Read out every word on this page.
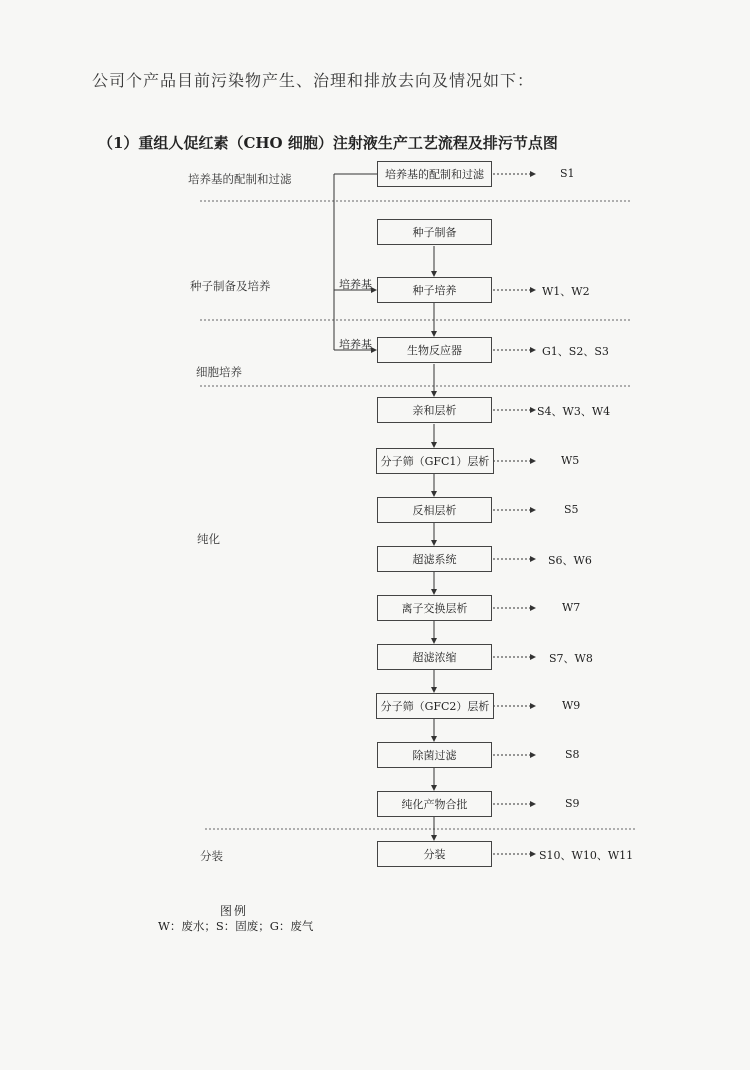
公司个产品目前污染物产生、治理和排放去向及情况如下：
（1）重组人促红素（CHO 细胞）注射液生产工艺流程及排污节点图
培养基的配制和过滤
种子制备及培养
细胞培养
纯化
分装
培养基
培养基
培养基的配制和过滤
种子制备
种子培养
生物反应器
亲和层析
分子筛（GFC1）层析
反相层析
超滤系统
离子交换层析
超滤浓缩
分子筛（GFC2）层析
除菌过滤
纯化产物合批
分装
S1
W1、W2
G1、S2、S3
S4、W3、W4
W5
S5
S6、W6
W7
S7、W8
W9
S8
S9
S10、W10、W11
图例
W：废水；S：固废；G：废气
